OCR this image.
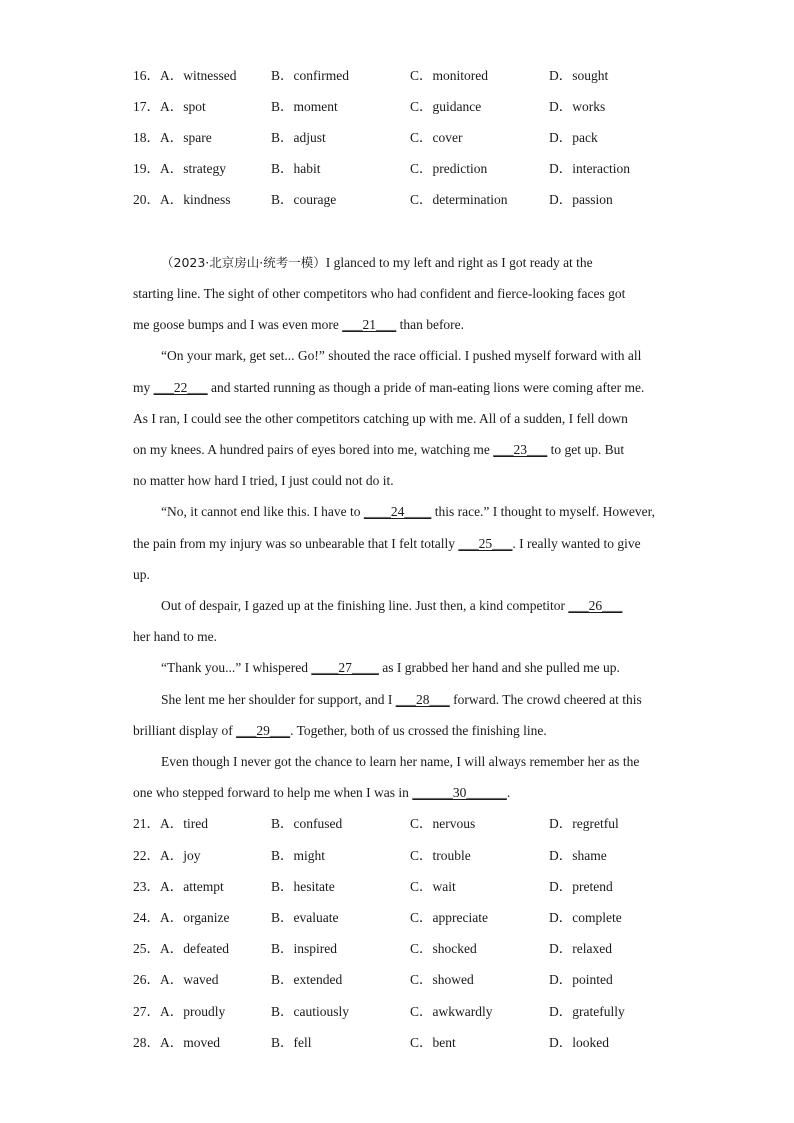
16． A．witnessed	B．confirmed	C．monitored	D．sought
17． A．spot	B．moment	C．guidance	D．works
18． A．spare	B．adjust	C．cover	D．pack
19． A．strategy	B．habit	C．prediction	D．interaction
20． A．kindness	B．courage	C．determination	D．passion
（2023·北京房山·统考一模）I glanced to my left and right as I got ready at the
starting line. The sight of other competitors who had confident and fierce-looking faces got
me goose bumps and I was even more ___21___ than before.
“On your mark, get set... Go!” shouted the race official. I pushed myself forward with all
my ___22___ and started running as though a pride of man-eating lions were coming after me.
As I ran, I could see the other competitors catching up with me. All of a sudden, I fell down
on my knees. A hundred pairs of eyes bored into me, watching me ___23___ to get up. But
no matter how hard I tried, I just could not do it.
“No, it cannot end like this. I have to ____24____ this race.” I thought to myself. However,
the pain from my injury was so unbearable that I felt totally ___25___. I really wanted to give
up.
Out of despair, I gazed up at the finishing line. Just then, a kind competitor ___26___
her hand to me.
“Thank you...” I whispered ____27____ as I grabbed her hand and she pulled me up.
She lent me her shoulder for support, and I ___28___ forward. The crowd cheered at this
brilliant display of ___29___. Together, both of us crossed the finishing line.
Even though I never got the chance to learn her name, I will always remember her as the
one who stepped forward to help me when I was in ______30______.
21． A．tired	B．confused	C．nervous	D．regretful
22． A．joy	B．might	C．trouble	D．shame
23． A．attempt	B．hesitate	C．wait	D．pretend
24． A．organize	B．evaluate	C．appreciate	D．complete
25． A．defeated	B．inspired	C．shocked	D．relaxed
26． A．waved	B．extended	C．showed	D．pointed
27． A．proudly	B．cautiously	C．awkwardly	D．gratefully
28． A．moved	B．fell	C．bent	D．looked
